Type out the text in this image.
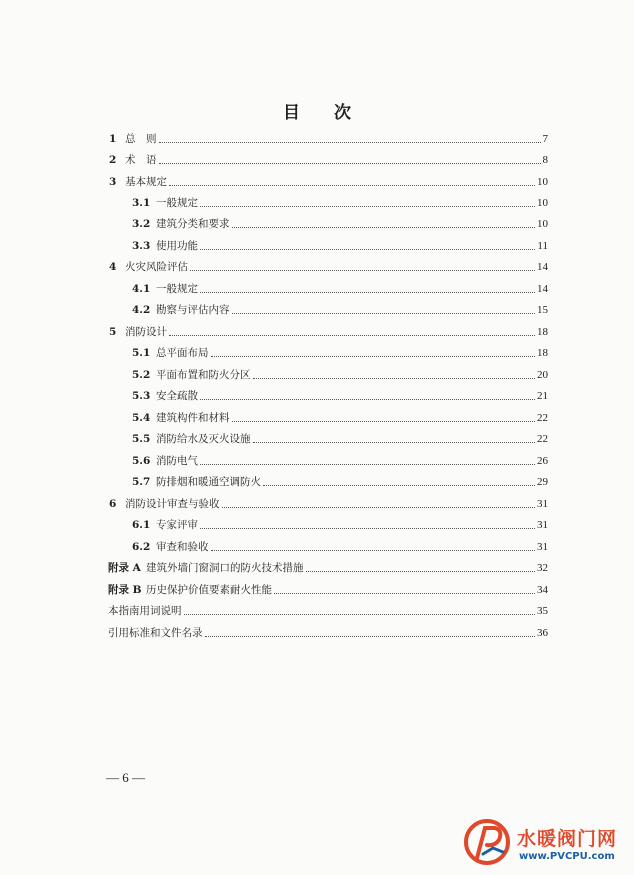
目 次
1 总　则	7
2 术　语	8
3 基本规定	10
3.1 一般规定	10
3.2 建筑分类和要求	10
3.3 使用功能	11
4 火灾风险评估	14
4.1 一般规定	14
4.2 勘察与评估内容	15
5 消防设计	18
5.1 总平面布局	18
5.2 平面布置和防火分区	20
5.3 安全疏散	21
5.4 建筑构件和材料	22
5.5 消防给水及灭火设施	22
5.6 消防电气	26
5.7 防排烟和暖通空调防火	29
6 消防设计审查与验收	31
6.1 专家评审	31
6.2 审查和验收	31
附录 A 建筑外墙门窗洞口的防火技术措施	32
附录 B 历史保护价值要素耐火性能	34
本指南用词说明	35
引用标准和文件名录	36
— 6 —
水暖阀门网
www.PVCPU.com
